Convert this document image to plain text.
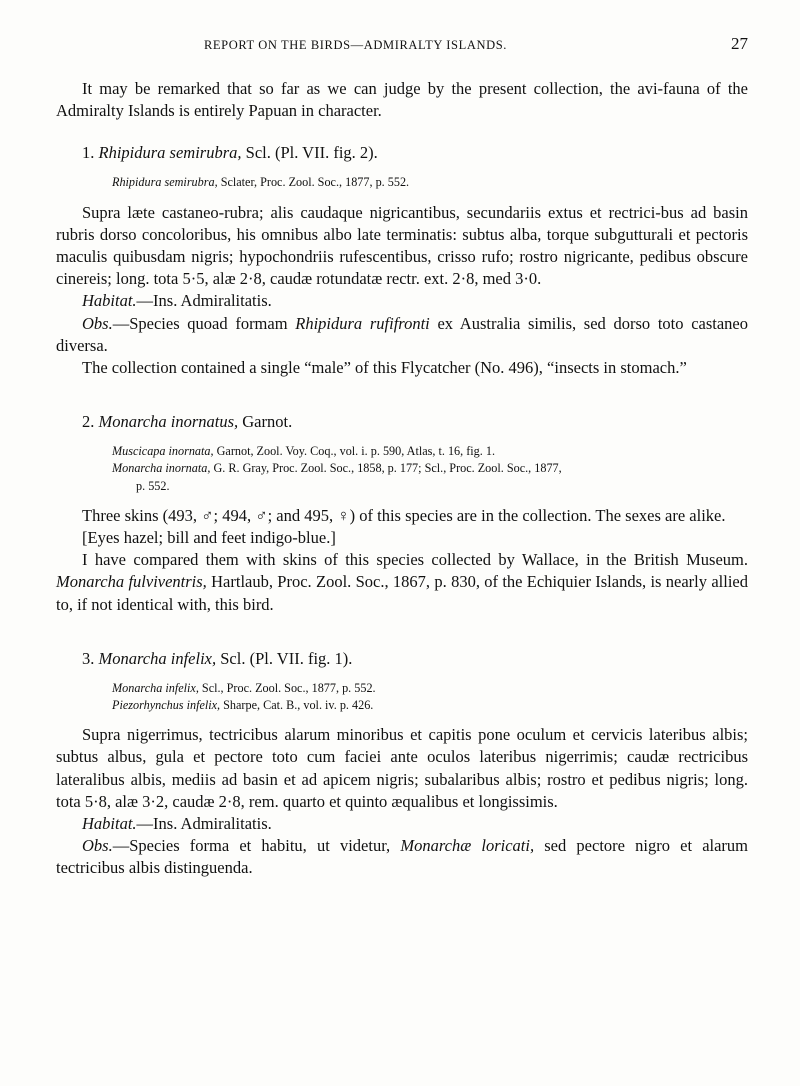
REPORT ON THE BIRDS—ADMIRALTY ISLANDS.	27

It may be remarked that so far as we can judge by the present collection, the avi-fauna of the Admiralty Islands is entirely Papuan in character.

1. Rhipidura semirubra, Scl. (Pl. VII. fig. 2).
Rhipidura semirubra, Sclater, Proc. Zool. Soc., 1877, p. 552.

Supra læte castaneo-rubra; alis caudaque nigricantibus, secundariis extus et rectrici-bus ad basin rubris dorso concoloribus, his omnibus albo late terminatis: subtus alba, torque subgutturali et pectoris maculis quibusdam nigris; hypochondriis rufescentibus, crisso rufo; rostro nigricante, pedibus obscure cinereis; long. tota 5·5, alæ 2·8, caudæ rotundatæ rectr. ext. 2·8, med 3·0.

Habitat.—Ins. Admiralitatis.

Obs.—Species quoad formam Rhipidura rufifronti ex Australia similis, sed dorso toto castaneo diversa.

The collection contained a single “male” of this Flycatcher (No. 496), “insects in stomach.”

2. Monarcha inornatus, Garnot.
Muscicapa inornata, Garnot, Zool. Voy. Coq., vol. i. p. 590, Atlas, t. 16, fig. 1.
Monarcha inornata, G. R. Gray, Proc. Zool. Soc., 1858, p. 177; Scl., Proc. Zool. Soc., 1877,
p. 552.

Three skins (493, ♂; 494, ♂; and 495, ♀) of this species are in the collection. The sexes are alike.

[Eyes hazel; bill and feet indigo-blue.]

I have compared them with skins of this species collected by Wallace, in the British Museum. Monarcha fulviventris, Hartlaub, Proc. Zool. Soc., 1867, p. 830, of the Echiquier Islands, is nearly allied to, if not identical with, this bird.

3. Monarcha infelix, Scl. (Pl. VII. fig. 1).
Monarcha infelix, Scl., Proc. Zool. Soc., 1877, p. 552.
Piezorhynchus infelix, Sharpe, Cat. B., vol. iv. p. 426.

Supra nigerrimus, tectricibus alarum minoribus et capitis pone oculum et cervicis lateribus albis; subtus albus, gula et pectore toto cum faciei ante oculos lateribus nigerrimis; caudæ rectricibus lateralibus albis, mediis ad basin et ad apicem nigris; subalaribus albis; rostro et pedibus nigris; long. tota 5·8, alæ 3·2, caudæ 2·8, rem. quarto et quinto æqualibus et longissimis.

Habitat.—Ins. Admiralitatis.

Obs.—Species forma et habitu, ut videtur, Monarchæ loricati, sed pectore nigro et alarum tectricibus albis distinguenda.
